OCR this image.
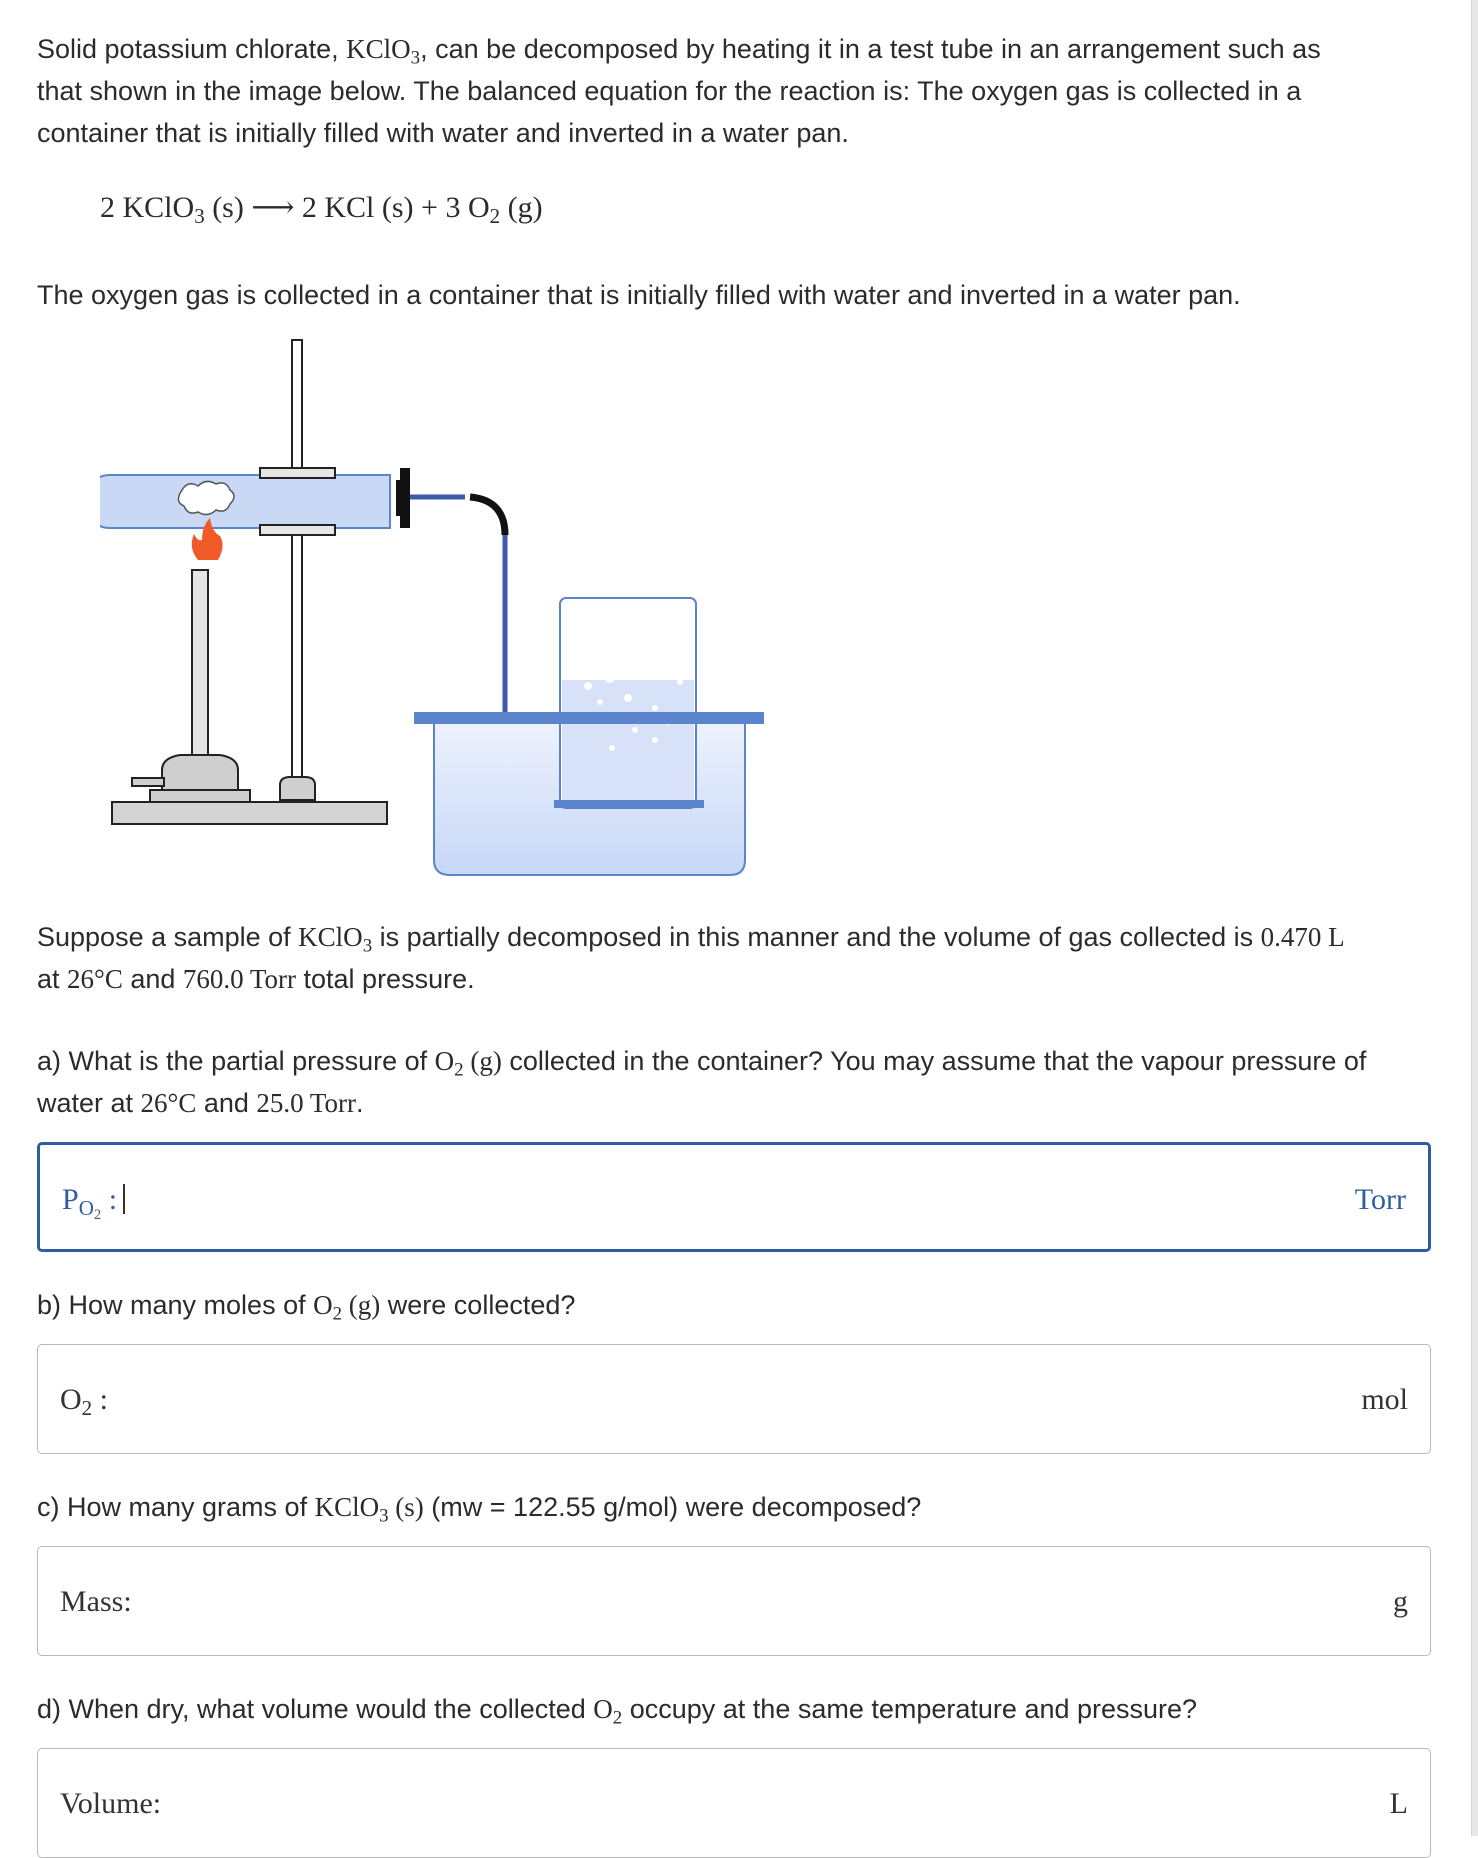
Solid potassium chlorate, KClO$_3$, can be decomposed by heating it in a test tube in an arrangement such as
that shown in the image below. The balanced equation for the reaction is: The oxygen gas is collected in a
container that is initially filled with water and inverted in a water pan.
2 KClO$_3$ (s) ⟶ 2 KCl (s) + 3 $O_2$ (g)
The oxygen gas is collected in a container that is initially filled with water and inverted in a water pan.
Suppose a sample of KClO$_3$ is partially decomposed in this manner and the volume of gas collected is 0.470 L
at 26°C and 760.0 Torr total pressure.
a) What is the partial pressure of $O_2$ (g) collected in the container? You may assume that the vapour pressure of
water at 26°C and 25.0 Torr.
$P_{O_2}$ :	Torr
b) How many moles of $O_2$ (g) were collected?
$O_2$ :	mol
c) How many grams of KClO$_3$ (s) (mw = 122.55 g/mol) were decomposed?
Mass:	g
d) When dry, what volume would the collected $O_2$ occupy at the same temperature and pressure?
Volume:	L
